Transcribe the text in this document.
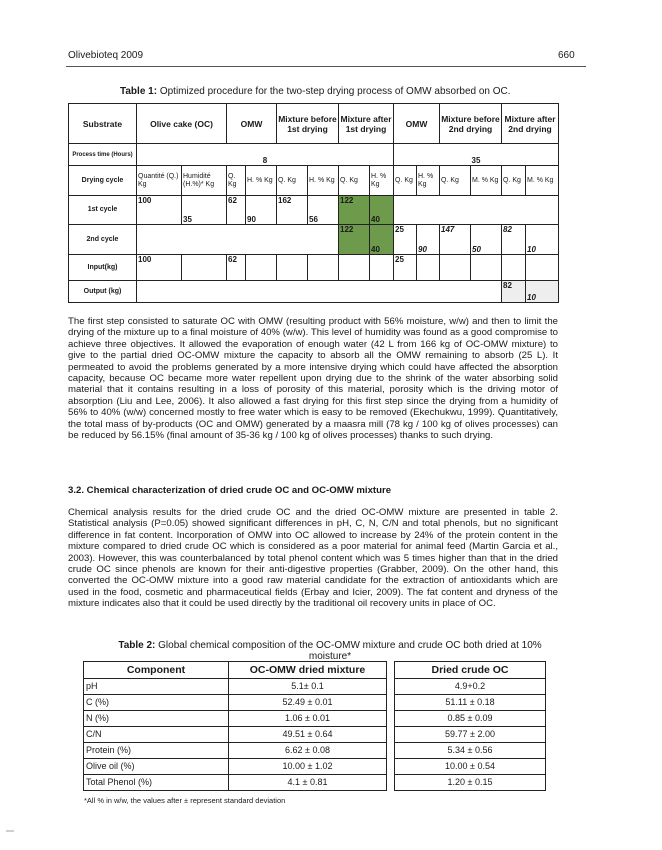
Olivebioteq 2009	660
Table 1: Optimized procedure for the two-step drying process of OMW absorbed on OC.
Substrate	Olive cake (OC)		OMW		Mixture before 1st drying		Mixture after 1st drying		OMW		Mixture before 2nd drying		Mixture after 2nd drying	
Process time (Hours)	8								35					
Drying cycle	Quantité (Q.) Kg	Humidité (H.%)* Kg	Q. Kg	H. % Kg	Q. Kg	H. % Kg	Q. Kg	H. % Kg	Q. Kg	H. % Kg	Q. Kg	M. % Kg	Q. Kg	M. % Kg
1st cycle	100	35	62	90	162	56	122	40						
2nd cycle							122	40	25	90	147	50	82	10
Input(kg)	100		62						25					
Output (kg)													82	10

The first step consisted to saturate OC with OMW (resulting product with 56% moisture, w/w) and then to limit the drying of the mixture up to a final moisture of 40% (w/w). This level of humidity was found as a good compromise to achieve three objectives. It allowed the evaporation of enough water (42 L from 166 kg of OC-OMW mixture) to give to the partial dried OC-OMW mixture the capacity to absorb all the OMW remaining to absorb (25 L). It permeated to avoid the problems generated by a more intensive drying which could have affected the absorption capacity, because OC became more water repellent upon drying due to the shrink of the water absorbing solid material that it contains resulting in a loss of porosity of this material, porosity which is the driving motor of absorption (Liu and Lee, 2006). It also allowed a fast drying for this first step since the drying from a humidity of 56% to 40% (w/w) concerned mostly to free water which is easy to be removed (Ekechukwu, 1999). Quantitatively, the total mass of by-products (OC and OMW) generated by a maasra mill (78 kg / 100 kg of olives processes) can be reduced by 56.15% (final amount of 35-36 kg / 100 kg of olives processes) thanks to such drying.

3.2. Chemical characterization of dried crude OC and OC-OMW mixture

Chemical analysis results for the dried crude OC and the dried OC-OMW mixture are presented in table 2. Statistical analysis (P=0.05) showed significant differences in pH, C, N, C/N and total phenols, but no significant difference in fat content. Incorporation of OMW into OC allowed to increase by 24% of the protein content in the mixture compared to dried crude OC which is considered as a poor material for animal feed (Martin Garcia et al., 2003). However, this was counterbalanced by total phenol content which was 5 times higher than that in the dried crude OC since phenols are known for their anti-digestive properties (Grabber, 2009). On the other hand, this converted the OC-OMW mixture into a good raw material candidate for the extraction of antioxidants which are used in the food, cosmetic and pharmaceutical fields (Erbay and Icier, 2009). The fat content and dryness of the mixture indicates also that it could be used directly by the traditional oil recovery units in place of OC.

Table 2: Global chemical composition of the OC-OMW mixture and crude OC both dried at 10% moisture*
Component	OC-OMW dried mixture		Dried crude OC
pH	5.1± 0.1		4.9+0.2
C (%)	52.49 ± 0.01		51.11 ± 0.18
N (%)	1.06 ± 0.01		0.85 ± 0.09
C/N	49.51 ± 0.64		59.77 ± 2.00
Protein (%)	6.62 ± 0.08		5.34 ± 0.56
Olive oil (%)	10.00 ± 1.02		10.00 ± 0.54
Total Phenol (%)	4.1 ± 0.81		1.20 ± 0.15
*All % in w/w, the values after ± represent standard deviation
